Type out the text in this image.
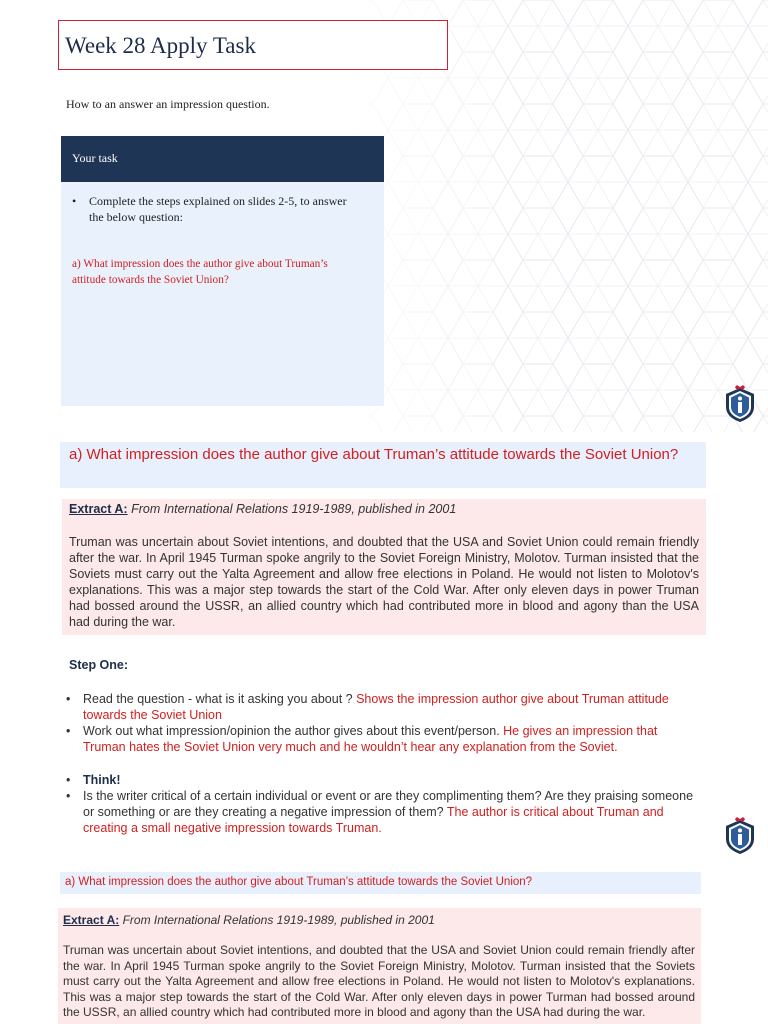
Week 28 Apply Task
How to an answer an impression question.
Your task
•	Complete the steps explained on slides 2-5, to answer the below question:
a) What impression does the author give about Truman’s attitude towards the Soviet Union?
a) What impression does the author give about Truman’s attitude towards the Soviet Union?
Extract A: From International Relations 1919-1989, published in 2001
Truman was uncertain about Soviet intentions, and doubted that the USA and Soviet Union could remain friendly after the war. In April 1945 Turman spoke angrily to the Soviet Foreign Ministry, Molotov. Turman insisted that the Soviets must carry out the Yalta Agreement and allow free elections in Poland. He would not listen to Molotov's explanations. This was a major step towards the start of the Cold War. After only eleven days in power Truman had bossed around the USSR, an allied country which had contributed more in blood and agony than the USA had during the war.
Step One:
• Read the question - what is it asking you about ? Shows the impression author give about Truman attitude towards the Soviet Union
• Work out what impression/opinion the author gives about this event/person. He gives an impression that Truman hates the Soviet Union very much and he wouldn’t hear any explanation from the Soviet.
• Think!
• Is the writer critical of a certain individual or event or are they complimenting them? Are they praising someone or something or are they creating a negative impression of them? The author is critical about Truman and creating a small negative impression towards Truman.
a) What impression does the author give about Truman’s attitude towards the Soviet Union?
Extract A: From International Relations 1919-1989, published in 2001
Truman was uncertain about Soviet intentions, and doubted that the USA and Soviet Union could remain friendly after the war. In April 1945 Turman spoke angrily to the Soviet Foreign Ministry, Molotov. Turman insisted that the Soviets must carry out the Yalta Agreement and allow free elections in Poland. He would not listen to Molotov's explanations. This was a major step towards the start of the Cold War. After only eleven days in power Turman had bossed around the USSR, an allied country which had contributed more in blood and agony than the USA had during the war.
